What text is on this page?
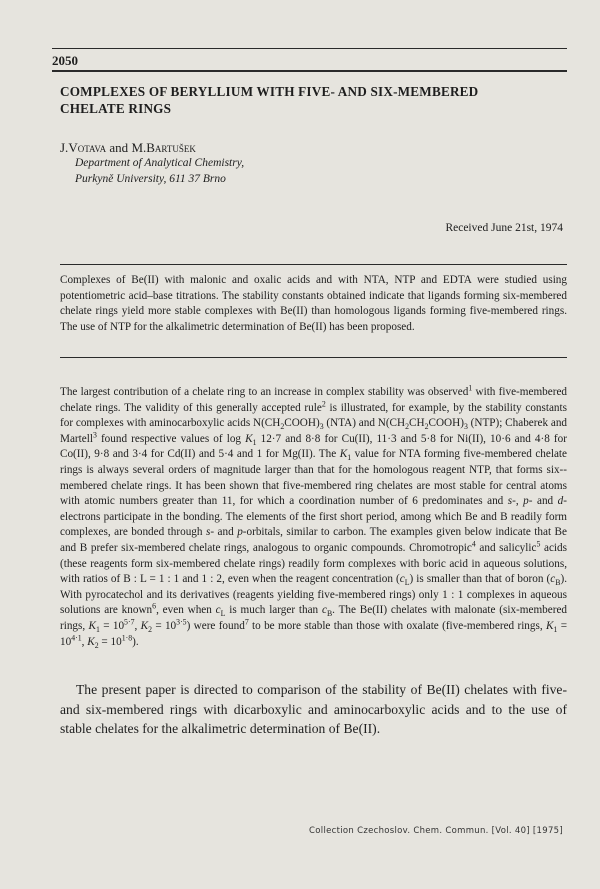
2050
COMPLEXES OF BERYLLIUM WITH FIVE- AND SIX-MEMBERED CHELATE RINGS
J.Votava and M.Bartušek
Department of Analytical Chemistry,
Purkyně University, 611 37 Brno
Received June 21st, 1974

Complexes of Be(II) with malonic and oxalic acids and with NTA, NTP and EDTA were studied using potentiometric acid–base titrations. The stability constants obtained indicate that ligands forming six-membered chelate rings yield more stable complexes with Be(II) than homologous ligands forming five-membered rings. The use of NTP for the alkalimetric determination of Be(II) has been proposed.

The largest contribution of a chelate ring to an increase in complex stability was observed$^1$ with five-membered chelate rings. The validity of this generally accepted rule$^2$ is illustrated, for example, by the stability constants for complexes with aminocarboxylic acids $N(CH_2COOH)_3$ (NTA) and $N(CH_2CH_2COOH)_3$ (NTP); Chaberek and Martell$^3$ found respective values of $\log K_1$ 12·7 and 8·8 for Cu(II), 11·3 and 5·8 for Ni(II), 10·6 and 4·8 for Co(II), 9·8 and 3·4 for Cd(II) and 5·4 and 1 for Mg(II). The $K_1$ value for NTA forming five-membered chelate rings is always several orders of magnitude larger than that for the homologous reagent NTP, that forms six--membered chelate rings. It has been shown that five-membered ring chelates are most stable for central atoms with atomic numbers greater than 11, for which a coordination number of 6 predominates and s-, p- and d-electrons participate in the bonding. The elements of the first short period, among which Be and B readily form complexes, are bonded through s- and p-orbitals, similar to carbon. The examples given below indicate that Be and B prefer six-membered chelate rings, analogous to organic compounds. Chromotropic$^4$ and salicylic$^5$ acids (these reagents form six-membered chelate rings) readily form complexes with boric acid in aqueous solutions, with ratios of B : L = 1 : 1 and 1 : 2, even when the reagent concentration $(c_L)$ is smaller than that of boron $(c_B)$. With pyrocatechol and its derivatives (reagents yielding five-membered rings) only 1 : 1 complexes in aqueous solutions are known$^6$, even when $c_L$ is much larger than $c_B$. The Be(II) chelates with malonate (six-membered rings, $K_1 = 10^{5\cdot 7}$, $K_2 = 10^{3\cdot 5}$) were found$^7$ to be more stable than those with oxalate (five-membered rings, $K_1 = 10^{4\cdot 1}$, $K_2 = 10^{1\cdot 8}$).

The present paper is directed to comparison of the stability of Be(II) chelates with five- and six-membered rings with dicarboxylic and aminocarboxylic acids and to the use of stable chelates for the alkalimetric determination of Be(II).

Collection Czechoslov. Chem. Commun. [Vol. 40] [1975]
